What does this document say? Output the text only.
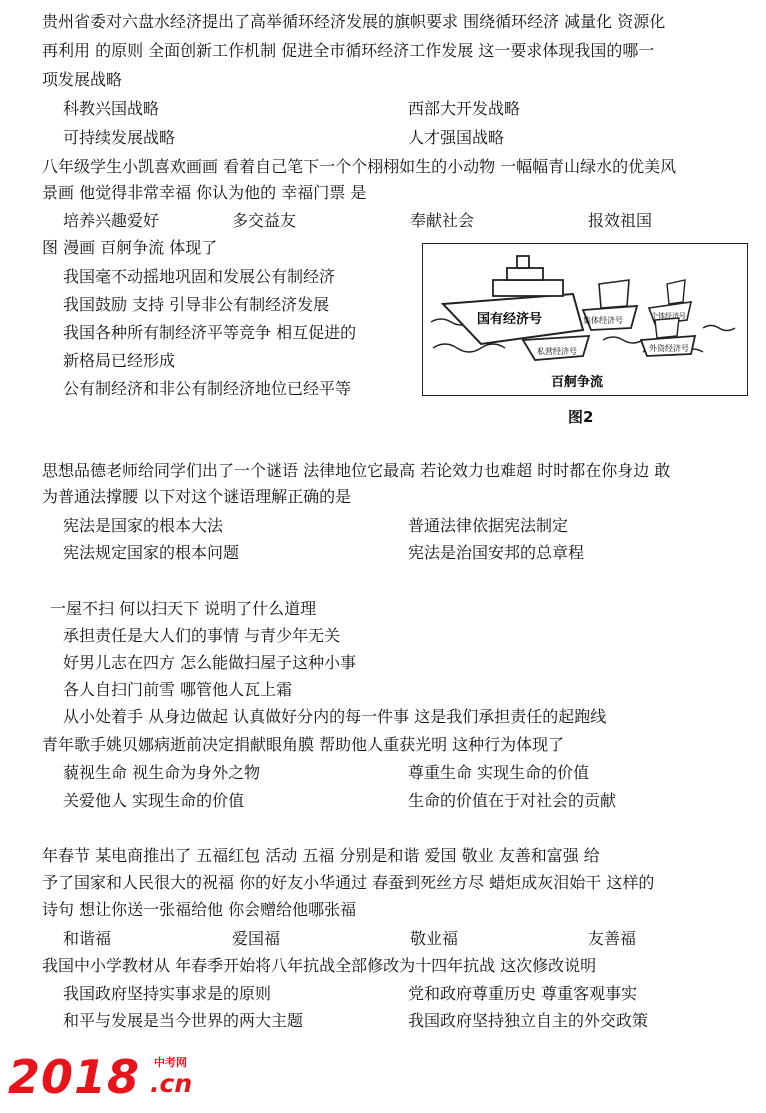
贵州省委对六盘水经济提出了高举循环经济发展的旗帜要求 围绕循环经济 减量化 资源化
再利用 的原则 全面创新工作机制 促进全市循环经济工作发展 这一要求体现我国的哪一
项发展战略
科教兴国战略	西部大开发战略
可持续发展战略	人才强国战略
八年级学生小凯喜欢画画 看着自己笔下一个个栩栩如生的小动物 一幅幅青山绿水的优美风
景画 他觉得非常幸福 你认为他的 幸福门票 是
培养兴趣爱好	多交益友	奉献社会	报效祖国
图 漫画 百舸争流 体现了
我国毫不动摇地巩固和发展公有制经济
我国鼓励 支持 引导非公有制经济发展
我国各种所有制经济平等竞争 相互促进的
新格局已经形成
公有制经济和非公有制经济地位已经平等
国有经济号	集体经济号	个体经济号
私营经济号	外资经济号
百舸争流
图2
思想品德老师给同学们出了一个谜语 法律地位它最高 若论效力也难超 时时都在你身边 敢
为普通法撑腰 以下对这个谜语理解正确的是
宪法是国家的根本大法	普通法律依据宪法制定
宪法规定国家的根本问题	宪法是治国安邦的总章程
一屋不扫 何以扫天下 说明了什么道理
承担责任是大人们的事情 与青少年无关
好男儿志在四方 怎么能做扫屋子这种小事
各人自扫门前雪 哪管他人瓦上霜
从小处着手 从身边做起 认真做好分内的每一件事 这是我们承担责任的起跑线
青年歌手姚贝娜病逝前决定捐献眼角膜 帮助他人重获光明 这种行为体现了
藐视生命 视生命为身外之物	尊重生命 实现生命的价值
关爱他人 实现生命的价值	生命的价值在于对社会的贡献
年春节 某电商推出了 五福红包 活动 五福 分别是和谐 爱国 敬业 友善和富强 给
予了国家和人民很大的祝福 你的好友小华通过 春蚕到死丝方尽 蜡炬成灰泪始干 这样的
诗句 想让你送一张福给他 你会赠给他哪张福
和谐福	爱国福	敬业福	友善福
我国中小学教材从 年春季开始将八年抗战全部修改为十四年抗战 这次修改说明
我国政府坚持实事求是的原则	党和政府尊重历史 尊重客观事实
和平与发展是当今世界的两大主题	我国政府坚持独立自主的外交政策
2018 中考网
.cn
